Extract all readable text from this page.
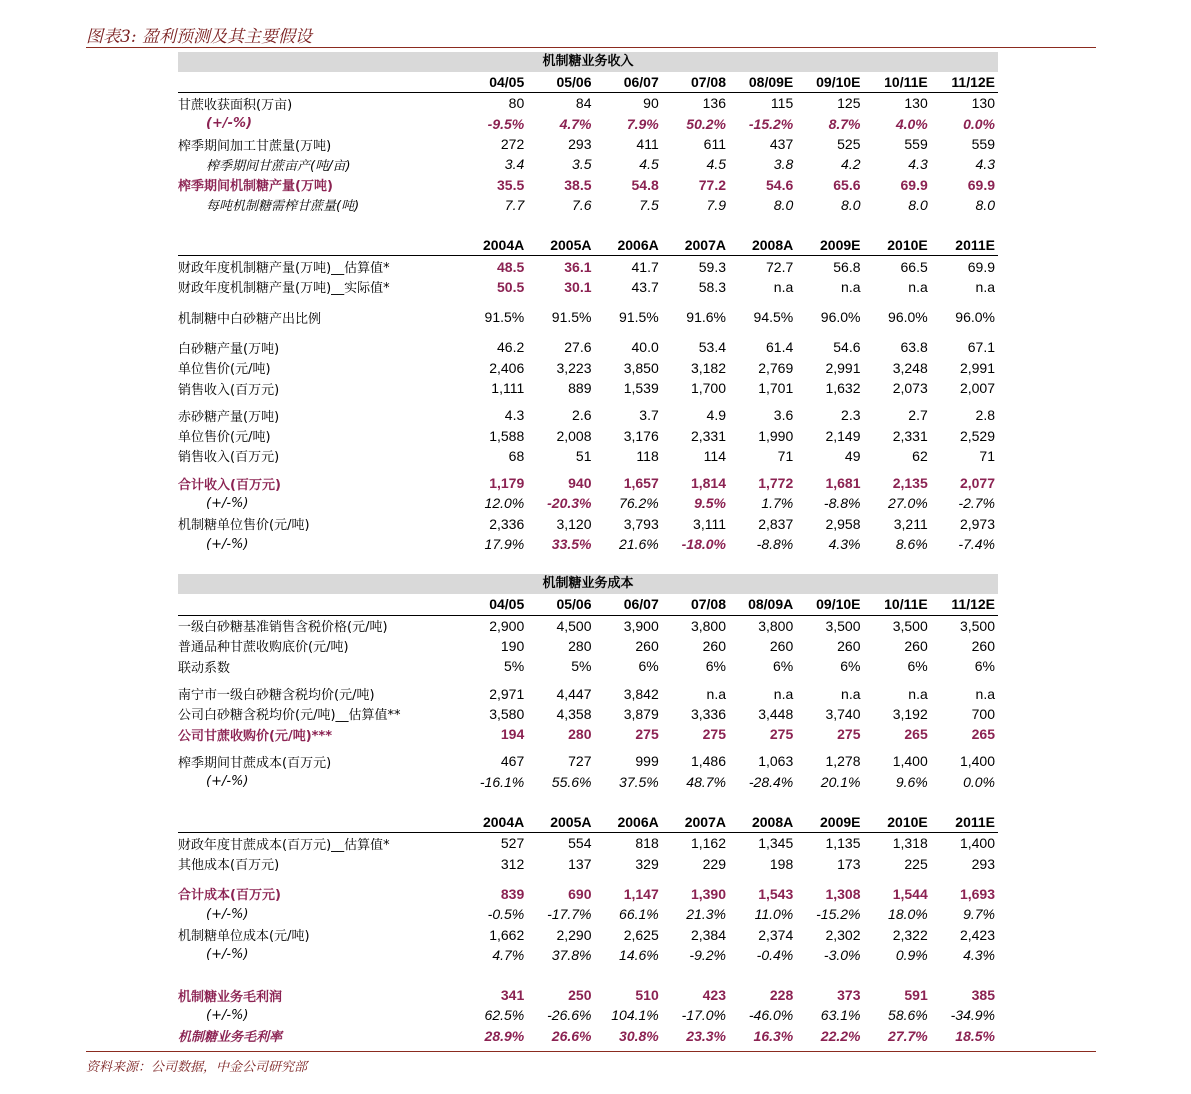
图表3: 盈利预测及其主要假设
机制糖业务收入
04/05	05/06	06/07	07/08	08/09E	09/10E	10/11E	11/12E
甘蔗收获面积(万亩)	80	84	90	136	115	125	130	130
(+/-%)	-9.5%	4.7%	7.9%	50.2%	-15.2%	8.7%	4.0%	0.0%
榨季期间加工甘蔗量(万吨)	272	293	411	611	437	525	559	559
榨季期间甘蔗亩产(吨/亩)	3.4	3.5	4.5	4.5	3.8	4.2	4.3	4.3
榨季期间机制糖产量(万吨)	35.5	38.5	54.8	77.2	54.6	65.6	69.9	69.9
每吨机制糖需榨甘蔗量(吨)	7.7	7.6	7.5	7.9	8.0	8.0	8.0	8.0
2004A	2005A	2006A	2007A	2008A	2009E	2010E	2011E
财政年度机制糖产量(万吨)__估算值*	48.5	36.1	41.7	59.3	72.7	56.8	66.5	69.9
财政年度机制糖产量(万吨)__实际值*	50.5	30.1	43.7	58.3	n.a	n.a	n.a	n.a
机制糖中白砂糖产出比例	91.5%	91.5%	91.5%	91.6%	94.5%	96.0%	96.0%	96.0%
白砂糖产量(万吨)	46.2	27.6	40.0	53.4	61.4	54.6	63.8	67.1
单位售价(元/吨)	2,406	3,223	3,850	3,182	2,769	2,991	3,248	2,991
销售收入(百万元)	1,111	889	1,539	1,700	1,701	1,632	2,073	2,007
赤砂糖产量(万吨)	4.3	2.6	3.7	4.9	3.6	2.3	2.7	2.8
单位售价(元/吨)	1,588	2,008	3,176	2,331	1,990	2,149	2,331	2,529
销售收入(百万元)	68	51	118	114	71	49	62	71
合计收入(百万元)	1,179	940	1,657	1,814	1,772	1,681	2,135	2,077
(+/-%)	12.0%	-20.3%	76.2%	9.5%	1.7%	-8.8%	27.0%	-2.7%
机制糖单位售价(元/吨)	2,336	3,120	3,793	3,111	2,837	2,958	3,211	2,973
(+/-%)	17.9%	33.5%	21.6%	-18.0%	-8.8%	4.3%	8.6%	-7.4%
机制糖业务成本
04/05	05/06	06/07	07/08	08/09A	09/10E	10/11E	11/12E
一级白砂糖基准销售含税价格(元/吨)	2,900	4,500	3,900	3,800	3,800	3,500	3,500	3,500
普通品种甘蔗收购底价(元/吨)	190	280	260	260	260	260	260	260
联动系数	5%	5%	6%	6%	6%	6%	6%	6%
南宁市一级白砂糖含税均价(元/吨)	2,971	4,447	3,842	n.a	n.a	n.a	n.a	n.a
公司白砂糖含税均价(元/吨)__估算值**	3,580	4,358	3,879	3,336	3,448	3,740	3,192	700
公司甘蔗收购价(元/吨)***	194	280	275	275	275	275	265	265
榨季期间甘蔗成本(百万元)	467	727	999	1,486	1,063	1,278	1,400	1,400
(+/-%)	-16.1%	55.6%	37.5%	48.7%	-28.4%	20.1%	9.6%	0.0%
2004A	2005A	2006A	2007A	2008A	2009E	2010E	2011E
财政年度甘蔗成本(百万元)__估算值*	527	554	818	1,162	1,345	1,135	1,318	1,400
其他成本(百万元)	312	137	329	229	198	173	225	293
合计成本(百万元)	839	690	1,147	1,390	1,543	1,308	1,544	1,693
(+/-%)	-0.5%	-17.7%	66.1%	21.3%	11.0%	-15.2%	18.0%	9.7%
机制糖单位成本(元/吨)	1,662	2,290	2,625	2,384	2,374	2,302	2,322	2,423
(+/-%)	4.7%	37.8%	14.6%	-9.2%	-0.4%	-3.0%	0.9%	4.3%
机制糖业务毛利润	341	250	510	423	228	373	591	385
(+/-%)	62.5%	-26.6%	104.1%	-17.0%	-46.0%	63.1%	58.6%	-34.9%
机制糖业务毛利率	28.9%	26.6%	30.8%	23.3%	16.3%	22.2%	27.7%	18.5%
资料来源：公司数据，中金公司研究部
